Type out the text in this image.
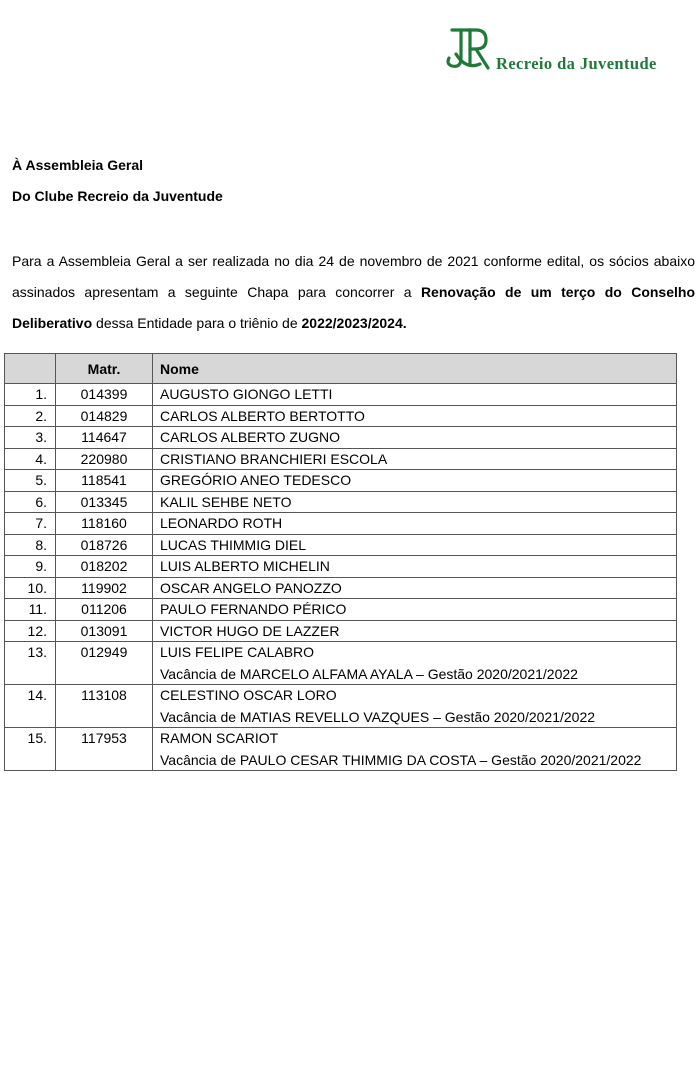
Recreio da Juventude
À Assembleia Geral
Do Clube Recreio da Juventude
Para a Assembleia Geral a ser realizada no dia 24 de novembro de 2021 conforme edital, os sócios abaixo assinados apresentam a seguinte Chapa para concorrer a Renovação de um terço do Conselho Deliberativo dessa Entidade para o triênio de 2022/2023/2024.
	Matr.	Nome
1.	014399	AUGUSTO GIONGO LETTI
2.	014829	CARLOS ALBERTO BERTOTTO
3.	114647	CARLOS ALBERTO ZUGNO
4.	220980	CRISTIANO BRANCHIERI ESCOLA
5.	118541	GREGÓRIO ANEO TEDESCO
6.	013345	KALIL SEHBE NETO
7.	118160	LEONARDO ROTH
8.	018726	LUCAS THIMMIG DIEL
9.	018202	LUIS ALBERTO MICHELIN
10.	119902	OSCAR ANGELO PANOZZO
11.	011206	PAULO FERNANDO PÉRICO
12.	013091	VICTOR HUGO DE LAZZER
13.	012949	LUIS FELIPE CALABRO
Vacância de MARCELO ALFAMA AYALA – Gestão 2020/2021/2022

14.	113108	CELESTINO OSCAR LORO
Vacância de MATIAS REVELLO VAZQUES – Gestão 2020/2021/2022

15.	117953	RAMON SCARIOT
Vacância de PAULO CESAR THIMMIG DA COSTA – Gestão 2020/2021/2022
